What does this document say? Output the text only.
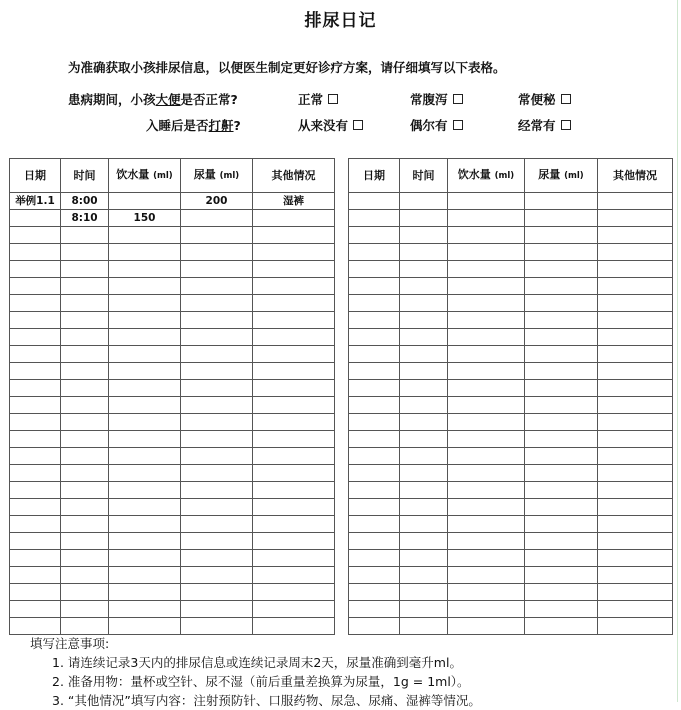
排尿日记
为准确获取小孩排尿信息，以便医生制定更好诊疗方案，请仔细填写以下表格。
患病期间，小孩大便是否正常?	正常	常腹泻	常便秘
入睡后是否打鼾?	从来没有	偶尔有	经常有
日期	时间	饮水量 (ml)	尿量 (ml)	其他情况
举例1.1	8:00		200	湿裤
	8:10	150		

日期	时间	饮水量 (ml)	尿量 (ml)	其他情况

填写注意事项:
1. 请连续记录3天内的排尿信息或连续记录周末2天，尿量准确到毫升ml。
2. 准备用物：量杯或空针、尿不湿（前后重量差换算为尿量，1g = 1ml）。
3. “其他情况”填写内容：注射预防针、口服药物、尿急、尿痛、湿裤等情况。
